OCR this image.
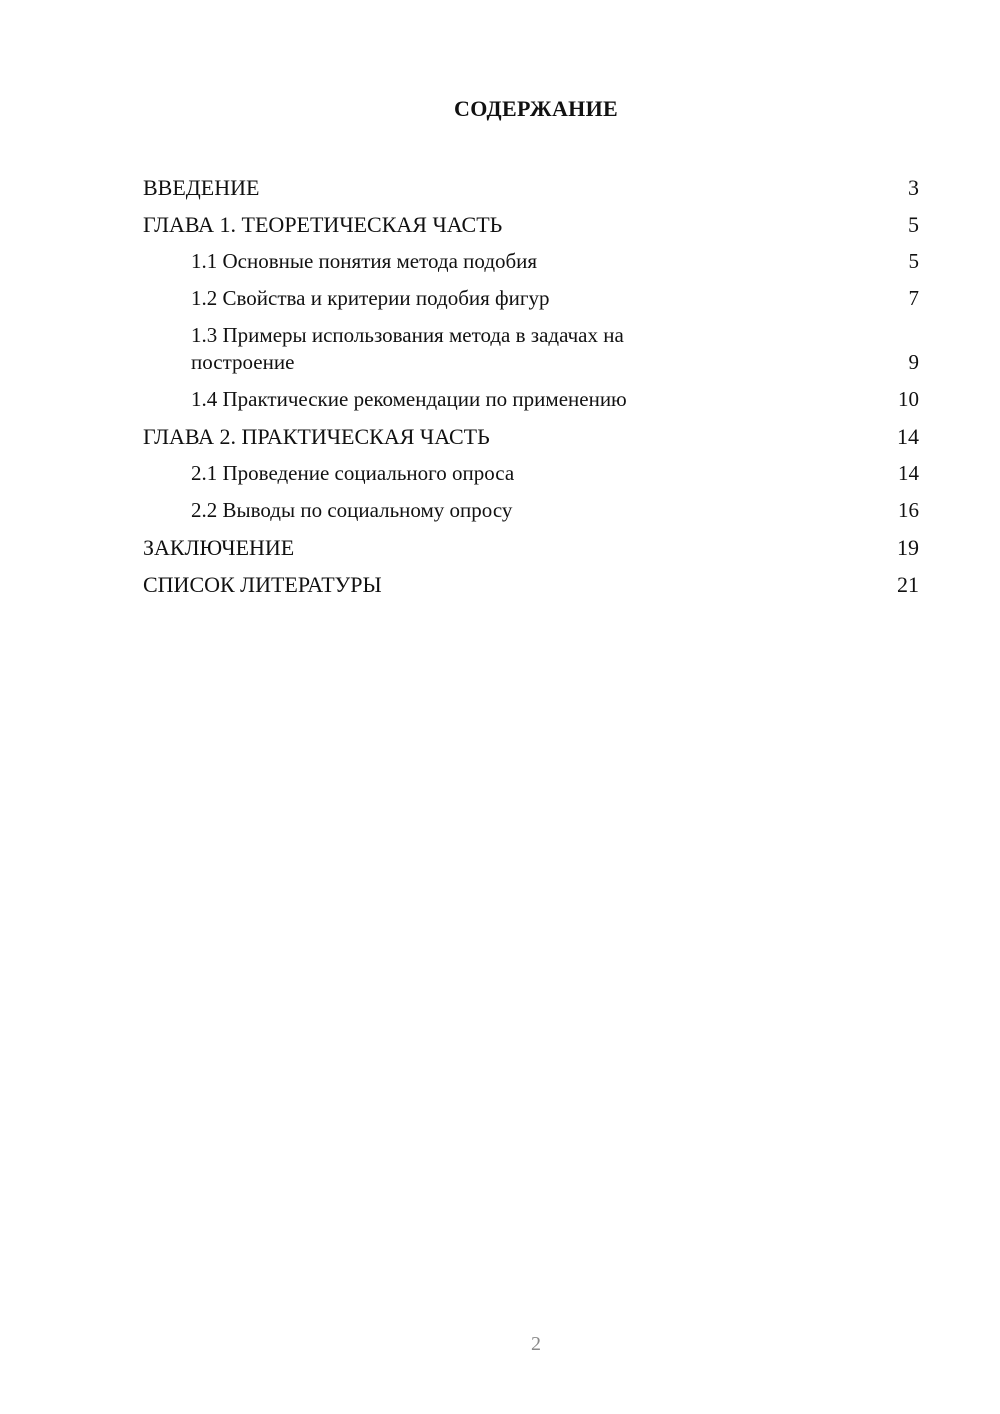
СОДЕРЖАНИЕ
ВВЕДЕНИЕ	3
ГЛАВА 1. ТЕОРЕТИЧЕСКАЯ ЧАСТЬ	5
1.1 Основные понятия метода подобия	5
1.2 Свойства и критерии подобия фигур	7
1.3 Примеры использования метода в задачах на построение	9
1.4 Практические рекомендации по применению	10
ГЛАВА 2. ПРАКТИЧЕСКАЯ ЧАСТЬ	14
2.1 Проведение социального опроса	14
2.2 Выводы по социальному опросу	16
ЗАКЛЮЧЕНИЕ	19
СПИСОК ЛИТЕРАТУРЫ	21
2
